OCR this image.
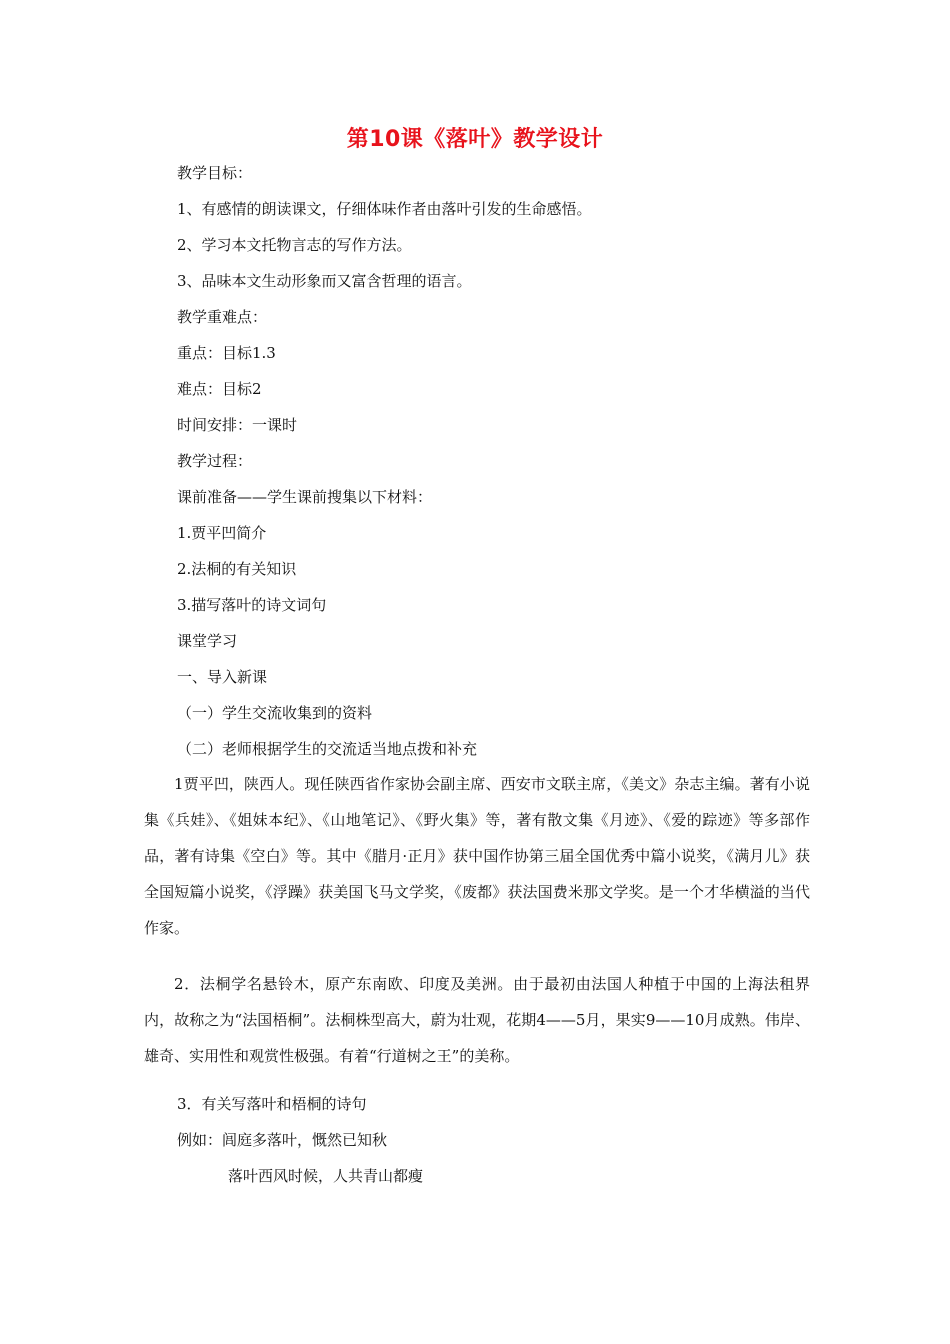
第10课《落叶》教学设计
教学目标：
1、有感情的朗读课文，仔细体味作者由落叶引发的生命感悟。
2、学习本文托物言志的写作方法。
3、品味本文生动形象而又富含哲理的语言。
教学重难点：
重点：目标1.3
难点：目标2
时间安排：一课时
教学过程：
课前准备——学生课前搜集以下材料：
1.贾平凹简介
2.法桐的有关知识
3.描写落叶的诗文词句
课堂学习
一、导入新课
（一）学生交流收集到的资料
（二）老师根据学生的交流适当地点拨和补充
1贾平凹，陕西人。现任陕西省作家协会副主席、西安市文联主席，《美文》杂志主编。著有小说集《兵娃》、《姐妹本纪》、《山地笔记》、《野火集》等，著有散文集《月迹》、《爱的踪迹》等多部作品，著有诗集《空白》等。其中《腊月·正月》获中国作协第三届全国优秀中篇小说奖，《满月儿》获全国短篇小说奖，《浮躁》获美国飞马文学奖，《废都》获法国费米那文学奖。是一个才华横溢的当代作家。
2．法桐学名悬铃木，原产东南欧、印度及美洲。由于最初由法国人种植于中国的上海法租界内，故称之为“法国梧桐”。法桐株型高大，蔚为壮观，花期4——5月，果实9——10月成熟。伟岸、雄奇、实用性和观赏性极强。有着“行道树之王”的美称。
3．有关写落叶和梧桐的诗句
例如：闾庭多落叶，慨然已知秋
落叶西风时候，人共青山都瘦
